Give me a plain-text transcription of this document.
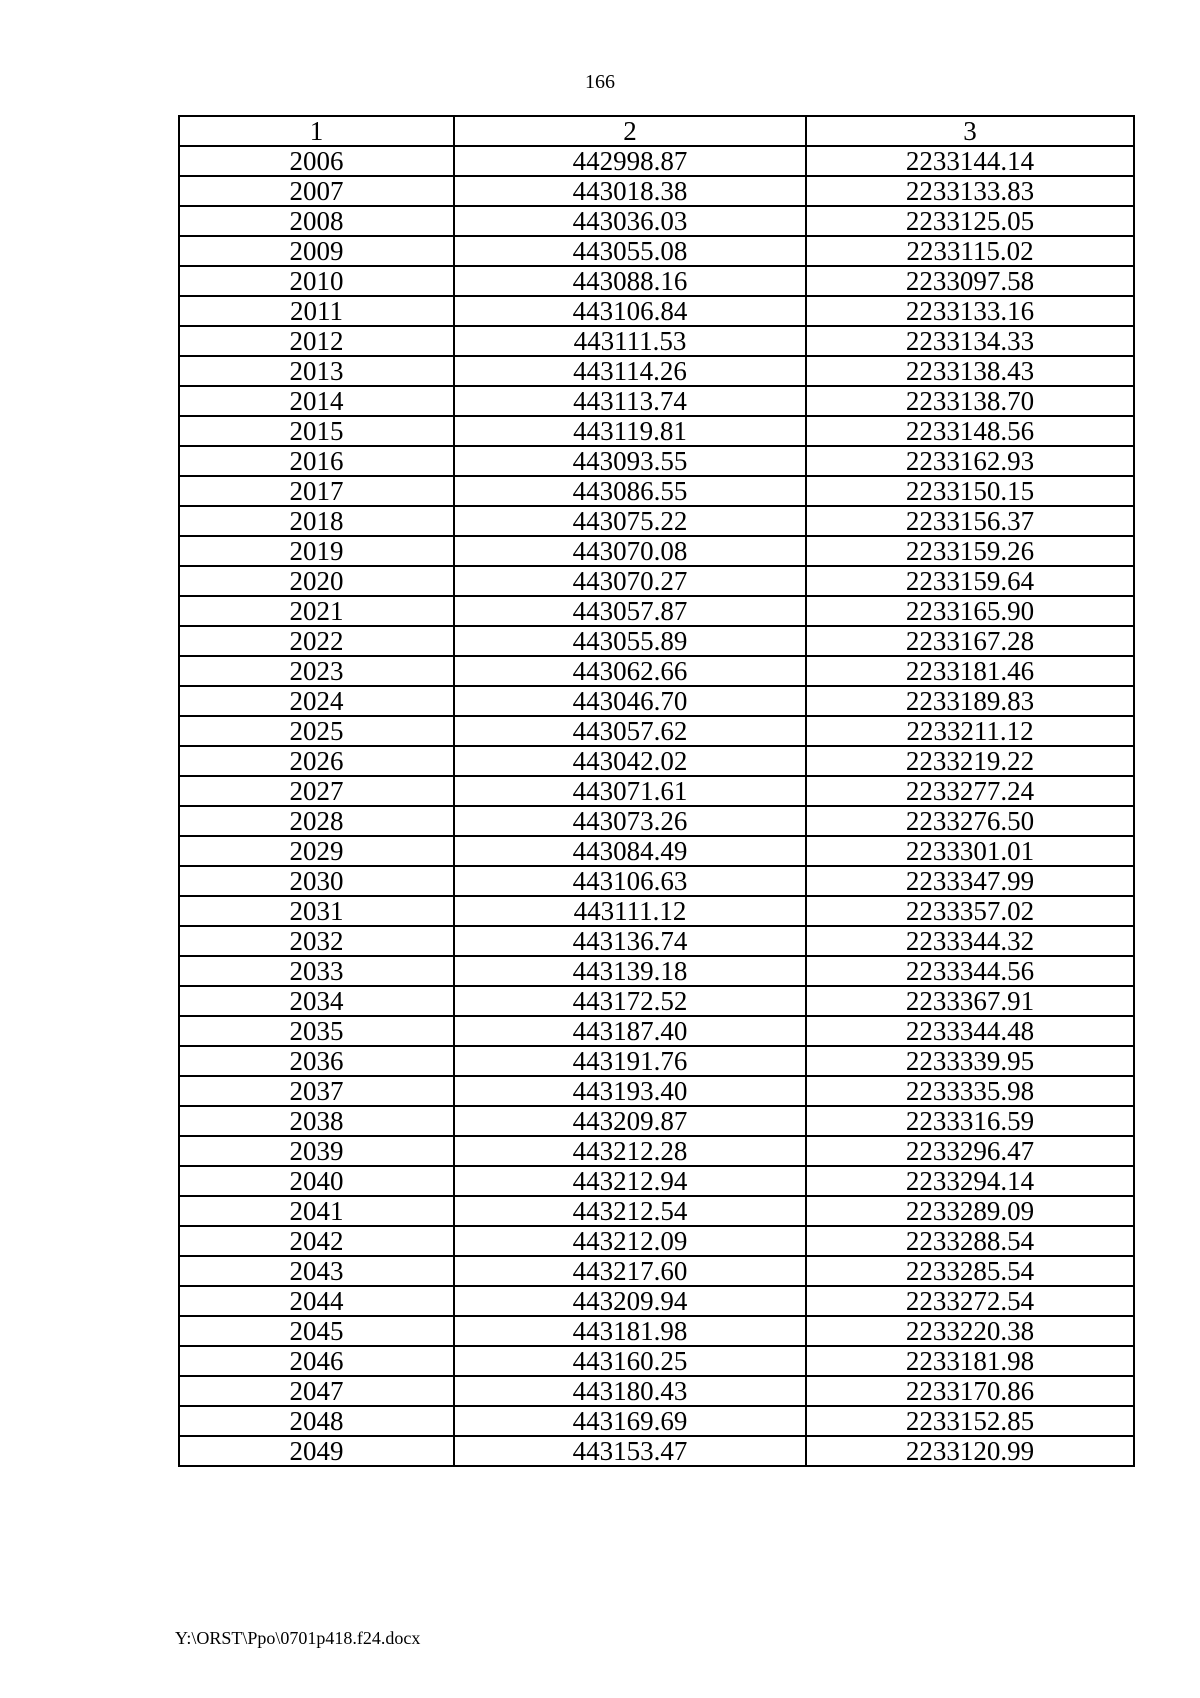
166
1	2	3
2006	442998.87	2233144.14
2007	443018.38	2233133.83
2008	443036.03	2233125.05
2009	443055.08	2233115.02
2010	443088.16	2233097.58
2011	443106.84	2233133.16
2012	443111.53	2233134.33
2013	443114.26	2233138.43
2014	443113.74	2233138.70
2015	443119.81	2233148.56
2016	443093.55	2233162.93
2017	443086.55	2233150.15
2018	443075.22	2233156.37
2019	443070.08	2233159.26
2020	443070.27	2233159.64
2021	443057.87	2233165.90
2022	443055.89	2233167.28
2023	443062.66	2233181.46
2024	443046.70	2233189.83
2025	443057.62	2233211.12
2026	443042.02	2233219.22
2027	443071.61	2233277.24
2028	443073.26	2233276.50
2029	443084.49	2233301.01
2030	443106.63	2233347.99
2031	443111.12	2233357.02
2032	443136.74	2233344.32
2033	443139.18	2233344.56
2034	443172.52	2233367.91
2035	443187.40	2233344.48
2036	443191.76	2233339.95
2037	443193.40	2233335.98
2038	443209.87	2233316.59
2039	443212.28	2233296.47
2040	443212.94	2233294.14
2041	443212.54	2233289.09
2042	443212.09	2233288.54
2043	443217.60	2233285.54
2044	443209.94	2233272.54
2045	443181.98	2233220.38
2046	443160.25	2233181.98
2047	443180.43	2233170.86
2048	443169.69	2233152.85
2049	443153.47	2233120.99
Y:\ORST\Ppo\0701p418.f24.docx
